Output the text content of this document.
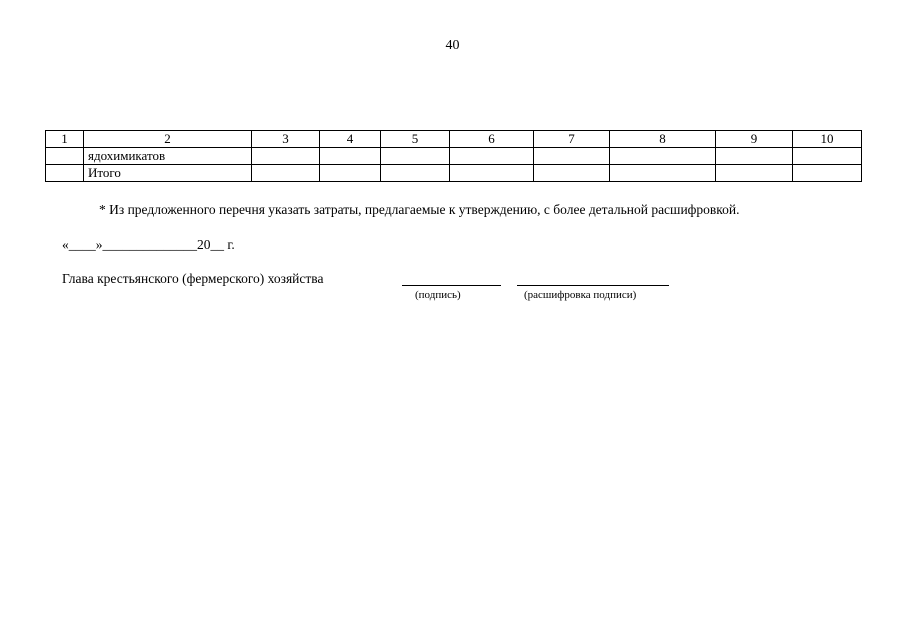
40
1	2	3	4	5	6	7	8	9	10
	ядохимикатов								
	Итого								
* Из предложенного перечня указать затраты, предлагаемые к утверждению, с более детальной расшифровкой.
«____»______________20__ г.
Глава крестьянского (фермерского) хозяйства
(подпись)	(расшифровка подписи)
